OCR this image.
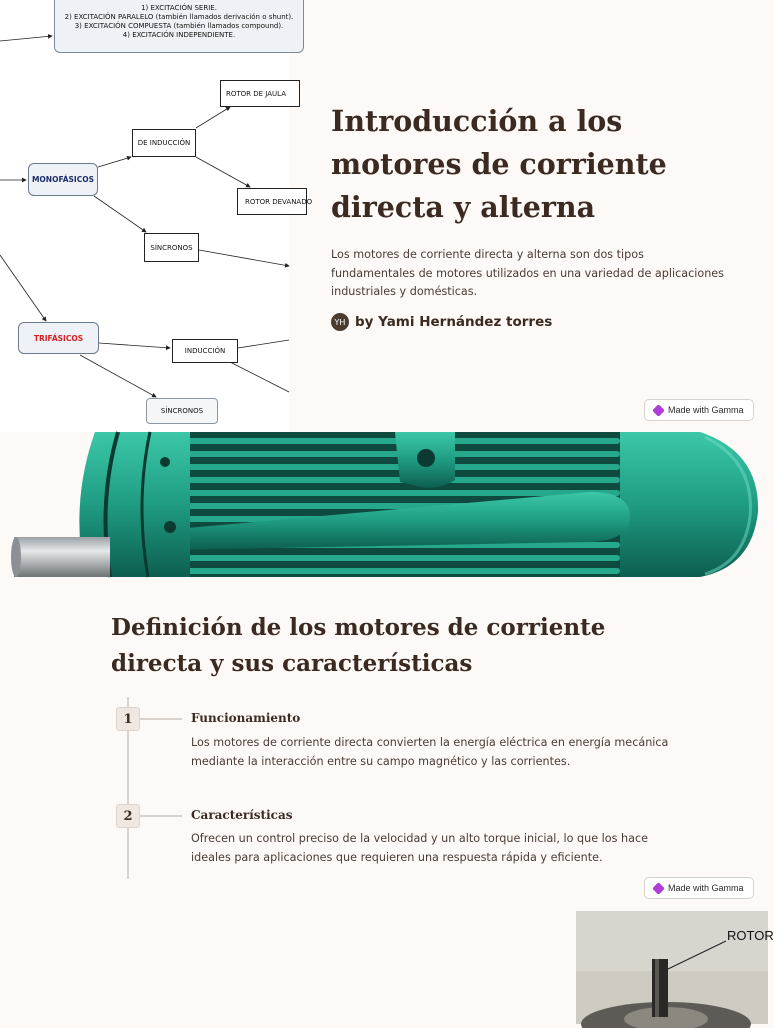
1) EXCITACIÓN SERIE.
2) EXCITACIÓN PARALELO (también llamados derivación o shunt).
3) EXCITACIÓN COMPUESTA (también llamados compound).
4) EXCITACIÓN INDEPENDIENTE.
ROTOR DE JAULA
DE INDUCCIÓN
MONOFÁSICOS
ROTOR DEVANADO
SÍNCRONOS
TRIFÁSICOS
INDUCCIÓN
SÍNCRONOS
Introducción a los motores de corriente directa y alterna

Los motores de corriente directa y alterna son dos tipos fundamentales de motores utilizados en una variedad de aplicaciones industriales y domésticas.

YH by Yami Hernández torres
Made with Gamma
Definición de los motores de corriente directa y sus características
1	Funcionamiento

Los motores de corriente directa convierten la energía eléctrica en energía mecánica mediante la interacción entre su campo magnético y las corrientes.

2	Características

Ofrecen un control preciso de la velocidad y un alto torque inicial, lo que los hace ideales para aplicaciones que requieren una respuesta rápida y eficiente.

Made with Gamma
ROTOR
